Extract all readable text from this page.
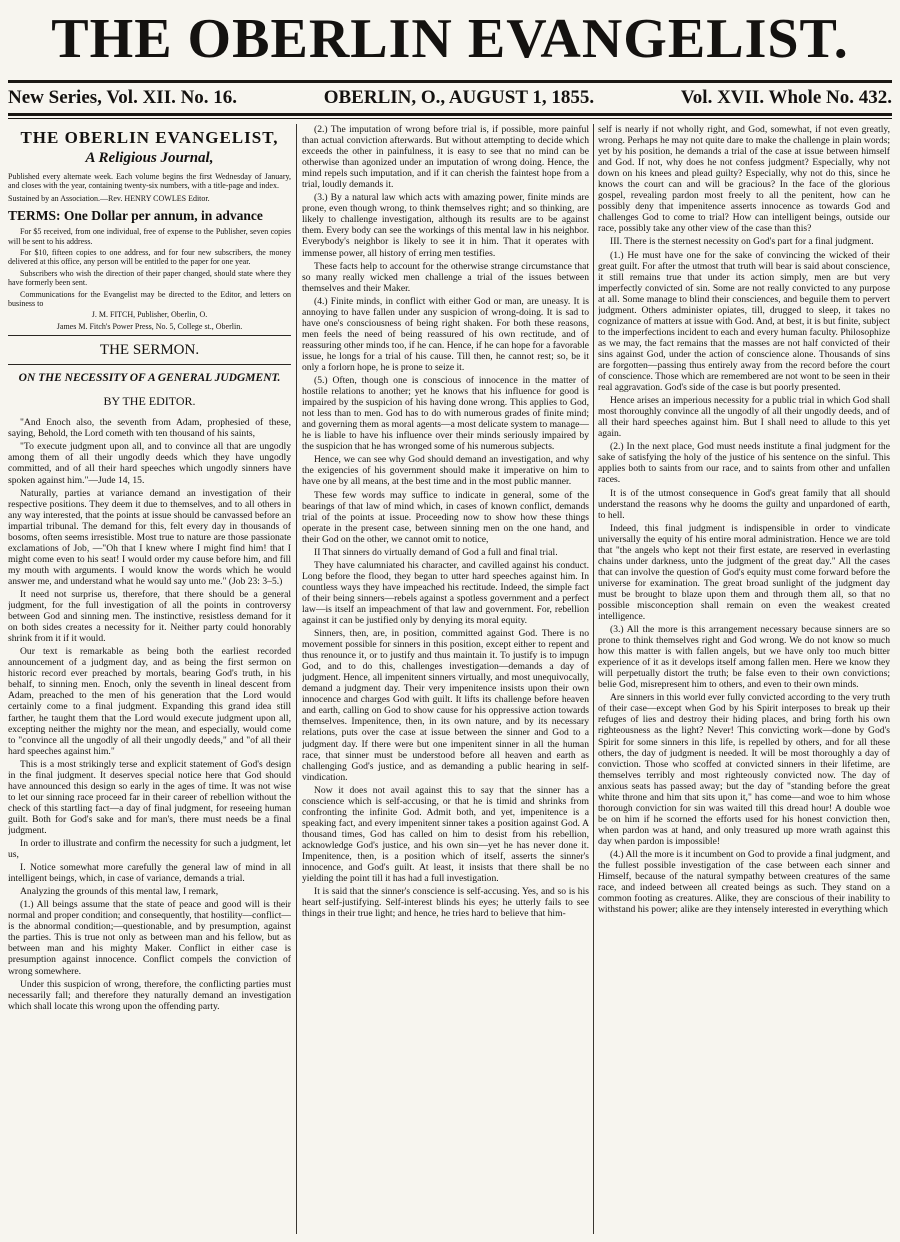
THE OBERLIN EVANGELIST.
New Series, Vol. XII. No. 16.	OBERLIN, O., AUGUST 1, 1855.	Vol. XVII. Whole No. 432.
THE OBERLIN EVANGELIST,
A Religious Journal,

Published every alternate week. Each volume begins the first Wednesday of January, and closes with the year, containing twenty-six numbers, with a title-page and index.

Sustained by an Association.—Rev. HENRY COWLES Editor.

TERMS: One Dollar per annum, in advance

For $5 received, from one individual, free of expense to the Publisher, seven copies will be sent to his address.

For $10, fifteen copies to one address, and for four new subscribers, the money delivered at this office, any person will be entitled to the paper for one year.

Subscribers who wish the direction of their paper changed, should state where they have formerly been sent.

Communications for the Evangelist may be directed to the Editor, and letters on business to

J. M. FITCH, Publisher, Oberlin, O.

James M. Fitch's Power Press, No. 5, College st., Oberlin.

THE SERMON.
ON THE NECESSITY OF A GENERAL JUDGMENT.
BY THE EDITOR.

"And Enoch also, the seventh from Adam, prophesied of these, saying, Behold, the Lord cometh with ten thousand of his saints,

"To execute judgment upon all, and to convince all that are ungodly among them of all their ungodly deeds which they have ungodly committed, and of all their hard speeches which ungodly sinners have spoken against him."—Jude 14, 15.

Naturally, parties at variance demand an investigation of their respective positions. They deem it due to themselves, and to all others in any way interested, that the points at issue should be canvassed before an impartial tribunal. The demand for this, felt every day in thousands of bosoms, often seems irresistible. Most true to nature are those passionate exclamations of Job, —"Oh that I knew where I might find him! that I might come even to his seat! I would order my cause before him, and fill my mouth with arguments. I would know the words which he would answer me, and understand what he would say unto me." (Job 23: 3–5.)

It need not surprise us, therefore, that there should be a general judgment, for the full investigation of all the points in controversy between God and sinning men. The instinctive, resistless demand for it on both sides creates a necessity for it. Neither party could honorably shrink from it if it would.

Our text is remarkable as being both the earliest recorded announcement of a judgment day, and as being the first sermon on historic record ever preached by mortals, bearing God's truth, in his behalf, to sinning men. Enoch, only the seventh in lineal descent from Adam, preached to the men of his generation that the Lord would certainly come to a final judgment. Expanding this grand idea still farther, he taught them that the Lord would execute judgment upon all, excepting neither the mighty nor the mean, and especially, would come to "convince all the ungodly of all their ungodly deeds," and "of all their hard speeches against him."

This is a most strikingly terse and explicit statement of God's design in the final judgment. It deserves special notice here that God should have announced this design so early in the ages of time. It was not wise to let our sinning race proceed far in their career of rebellion without the check of this startling fact—a day of final judgment, for reseeing human guilt. Both for God's sake and for man's, there must needs be a final judgment.

In order to illustrate and confirm the necessity for such a judgment, let us,

I. Notice somewhat more carefully the general law of mind in all intelligent beings, which, in case of variance, demands a trial.

Analyzing the grounds of this mental law, I remark,

(1.) All beings assume that the state of peace and good will is their normal and proper condition; and consequently, that hostility—conflict—is the abnormal condition;—questionable, and by presumption, against the parties. This is true not only as between man and his fellow, but as between man and his mighty Maker. Conflict in either case is presumption against innocence. Conflict compels the conviction of wrong somewhere.

Under this suspicion of wrong, therefore, the conflicting parties must necessarily fall; and therefore they naturally demand an investigation which shall locate this wrong upon the offending party.

(2.) The imputation of wrong before trial is, if possible, more painful than actual conviction afterwards. But without attempting to decide which exceeds the other in painfulness, it is easy to see that no mind can be otherwise than agonized under an imputation of wrong doing. Hence, the mind repels such imputation, and if it can cherish the faintest hope from a trial, loudly demands it.

(3.) By a natural law which acts with amazing power, finite minds are prone, even though wrong, to think themselves right; and so thinking, are likely to challenge investigation, although its results are to be against them. Every body can see the workings of this mental law in his neighbor. Everybody's neighbor is likely to see it in him. That it operates with immense power, all history of erring men testifies.

These facts help to account for the otherwise strange circumstance that so many really wicked men challenge a trial of the issues between themselves and their Maker.

(4.) Finite minds, in conflict with either God or man, are uneasy. It is annoying to have fallen under any suspicion of wrong-doing. It is sad to have one's consciousness of being right shaken. For both these reasons, men feels the need of being reassured of his own rectitude, and of reassuring other minds too, if he can. Hence, if he can hope for a favorable issue, he longs for a trial of his cause. Till then, he cannot rest; so, be it only a forlorn hope, he is prone to seize it.

(5.) Often, though one is conscious of innocence in the matter of hostile relations to another; yet he knows that his influence for good is impaired by the suspicion of his having done wrong. This applies to God, not less than to men. God has to do with numerous grades of finite mind; and governing them as moral agents—a most delicate system to manage—he is liable to have his influence over their minds seriously impaired by the suspicion that he has wronged some of his numerous subjects.

Hence, we can see why God should demand an investigation, and why the exigencies of his government should make it imperative on him to have one by all means, at the best time and in the most public manner.

These few words may suffice to indicate in general, some of the bearings of that law of mind which, in cases of known conflict, demands trial of the points at issue. Proceeding now to show how these things operate in the present case, between sinning men on the one hand, and their God on the other, we cannot omit to notice,

II That sinners do virtually demand of God a full and final trial.

They have calumniated his character, and cavilled against his conduct. Long before the flood, they began to utter hard speeches against him. In countless ways they have impeached his rectitude. Indeed, the simple fact of their being sinners—rebels against a spotless government and a perfect law—is itself an impeachment of that law and government. For, rebellion against it can be justified only by denying its moral equity.

Sinners, then, are, in position, committed against God. There is no movement possible for sinners in this position, except either to repent and thus renounce it, or to justify and thus maintain it. To justify is to impugn God, and to do this, challenges investigation—demands a day of judgment. Hence, all impenitent sinners virtually, and most unequivocally, demand a judgment day. Their very impenitence insists upon their own innocence and charges God with guilt. It lifts its challenge before heaven and earth, calling on God to show cause for his oppressive action towards themselves. Impenitence, then, in its own nature, and by its necessary relations, puts over the case at issue between the sinner and God to a judgment day. If there were but one impenitent sinner in all the human race, that sinner must be understood before all heaven and earth as challenging God's justice, and as demanding a public hearing in self-vindication.

Now it does not avail against this to say that the sinner has a conscience which is self-accusing, or that he is timid and shrinks from confronting the infinite God. Admit both, and yet, impenitence is a speaking fact, and every impenitent sinner takes a position against God. A thousand times, God has called on him to desist from his rebellion, acknowledge God's justice, and his own sin—yet he has never done it. Impenitence, then, is a position which of itself, asserts the sinner's innocence, and God's guilt. At least, it insists that there shall be no yielding the point till it has had a full investigation.

It is said that the sinner's conscience is self-accusing. Yes, and so is his heart self-justifying. Self-interest blinds his eyes; he utterly fails to see things in their true light; and hence, he tries hard to believe that him-

self is nearly if not wholly right, and God, somewhat, if not even greatly, wrong. Perhaps he may not quite dare to make the challenge in plain words; yet by his position, he demands a trial of the case at issue between himself and God. If not, why does he not confess judgment? Especially, why not down on his knees and plead guilty? Especially, why not do this, since he knows the court can and will be gracious? In the face of the glorious gospel, revealing pardon most freely to all the penitent, how can he possibly deny that impenitence asserts innocence as towards God and challenges God to come to trial? How can intelligent beings, outside our race, possibly take any other view of the case than this?

III. There is the sternest necessity on God's part for a final judgment.

(1.) He must have one for the sake of convincing the wicked of their great guilt. For after the utmost that truth will bear is said about conscience, it still remains true that under its action simply, men are but very imperfectly convicted of sin. Some are not really convicted to any purpose at all. Some manage to blind their consciences, and beguile them to pervert judgment. Others administer opiates, till, drugged to sleep, it takes no cognizance of matters at issue with God. And, at best, it is but finite, subject to the imperfections incident to each and every human faculty. Philosophize as we may, the fact remains that the masses are not half convicted of their sins against God, under the action of conscience alone. Thousands of sins are forgotten—passing thus entirely away from the record before the court of conscience. Those which are remembered are not wont to be seen in their real aggravation. God's side of the case is but poorly presented.

Hence arises an imperious necessity for a public trial in which God shall most thoroughly convince all the ungodly of all their ungodly deeds, and of all their hard speeches against him. But I shall need to allude to this yet again.

(2.) In the next place, God must needs institute a final judgment for the sake of satisfying the holy of the justice of his sentence on the sinful. This applies both to saints from our race, and to saints from other and unfallen races.

It is of the utmost consequence in God's great family that all should understand the reasons why he dooms the guilty and unpardoned of earth, to hell.

Indeed, this final judgment is indispensible in order to vindicate universally the equity of his entire moral administration. Hence we are told that "the angels who kept not their first estate, are reserved in everlasting chains under darkness, unto the judgment of the great day." All the cases that can involve the question of God's equity must come forward before the universe for examination. The great broad sunlight of the judgment day must be brought to blaze upon them and through them all, so that no possible misconception shall remain on even the weakest created intelligence.

(3.) All the more is this arrangement necessary because sinners are so prone to think themselves right and God wrong. We do not know so much how this matter is with fallen angels, but we have only too much bitter experience of it as it develops itself among fallen men. Here we know they will perpetually distort the truth; be false even to their own convictions; belie God, misrepresent him to others, and even to their own minds.

Are sinners in this world ever fully convicted according to the very truth of their case—except when God by his Spirit interposes to break up their refuges of lies and destroy their hiding places, and bring forth his own righteousness as the light? Never! This convicting work—done by God's Spirit for some sinners in this life, is repelled by others, and for all these others, the day of judgment is needed. It will be most thoroughly a day of conviction. Those who scoffed at convicted sinners in their lifetime, are themselves terribly and most righteously convicted now. The day of anxious seats has passed away; but the day of "standing before the great white throne and him that sits upon it," has come—and woe to him whose thorough conviction for sin was waited till this dread hour! A double woe be on him if he scorned the efforts used for his honest conviction then, when pardon was at hand, and only treasured up more wrath against this day when pardon is impossible!

(4.) All the more is it incumbent on God to provide a final judgment, and the fullest possible investigation of the case between each sinner and Himself, because of the natural sympathy between creatures of the same race, and indeed between all created beings as such. They stand on a common footing as creatures. Alike, they are conscious of their inability to withstand his power; alike are they intensely interested in everything which
